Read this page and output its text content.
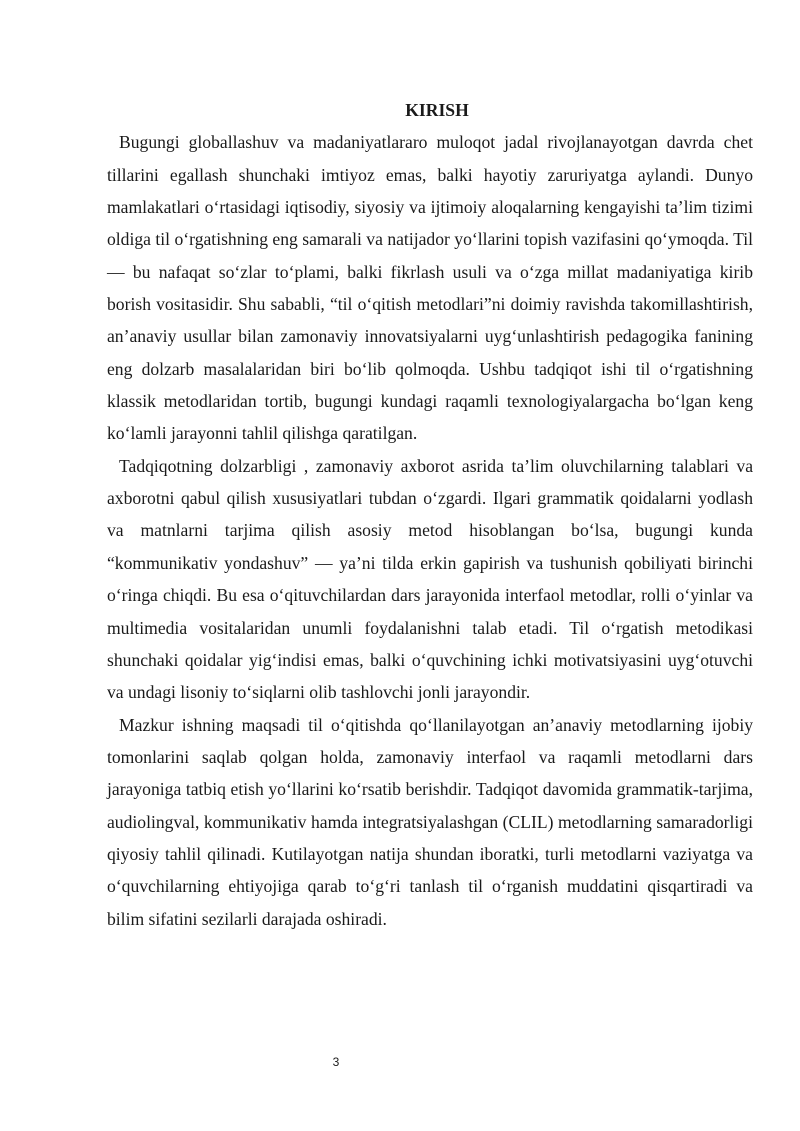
KIRISH

Bugungi globallashuv va madaniyatlararo muloqot jadal rivojlanayotgan davrda chet tillarini egallash shunchaki imtiyoz emas, balki hayotiy zaruriyatga aylandi. Dunyo mamlakatlari o‘rtasidagi iqtisodiy, siyosiy va ijtimoiy aloqalarning kengayishi ta’lim tizimi oldiga til o‘rgatishning eng samarali va natijador yo‘llarini topish vazifasini qo‘ymoqda. Til — bu nafaqat so‘zlar to‘plami, balki fikrlash usuli va o‘zga millat madaniyatiga kirib borish vositasidir. Shu sababli, “til o‘qitish metodlari”ni doimiy ravishda takomillashtirish, an’anaviy usullar bilan zamonaviy innovatsiyalarni uyg‘unlashtirish pedagogika fanining eng dolzarb masalalaridan biri bo‘lib qolmoqda. Ushbu tadqiqot ishi til o‘rgatishning klassik metodlaridan tortib, bugungi kundagi raqamli texnologiyalargacha bo‘lgan keng ko‘lamli jarayonni tahlil qilishga qaratilgan.

Tadqiqotning dolzarbligi , zamonaviy axborot asrida ta’lim oluvchilarning talablari va axborotni qabul qilish xususiyatlari tubdan o‘zgardi. Ilgari grammatik qoidalarni yodlash va matnlarni tarjima qilish asosiy metod hisoblangan bo‘lsa, bugungi kunda “kommunikativ yondashuv” — ya’ni tilda erkin gapirish va tushunish qobiliyati birinchi o‘ringa chiqdi. Bu esa o‘qituvchilardan dars jarayonida interfaol metodlar, rolli o‘yinlar va multimedia vositalaridan unumli foydalanishni talab etadi. Til o‘rgatish metodikasi shunchaki qoidalar yig‘indisi emas, balki o‘quvchining ichki motivatsiyasini uyg‘otuvchi va undagi lisoniy to‘siqlarni olib tashlovchi jonli jarayondir.

Mazkur ishning maqsadi til o‘qitishda qo‘llanilayotgan an’anaviy metodlarning ijobiy tomonlarini saqlab qolgan holda, zamonaviy interfaol va raqamli metodlarni dars jarayoniga tatbiq etish yo‘llarini ko‘rsatib berishdir. Tadqiqot davomida grammatik-tarjima, audiolingval, kommunikativ hamda integratsiyalashgan (CLIL) metodlarning samaradorligi qiyosiy tahlil qilinadi. Kutilayotgan natija shundan iboratki, turli metodlarni vaziyatga va o‘quvchilarning ehtiyojiga qarab to‘g‘ri tanlash til o‘rganish muddatini qisqartiradi va bilim sifatini sezilarli darajada oshiradi.

3
